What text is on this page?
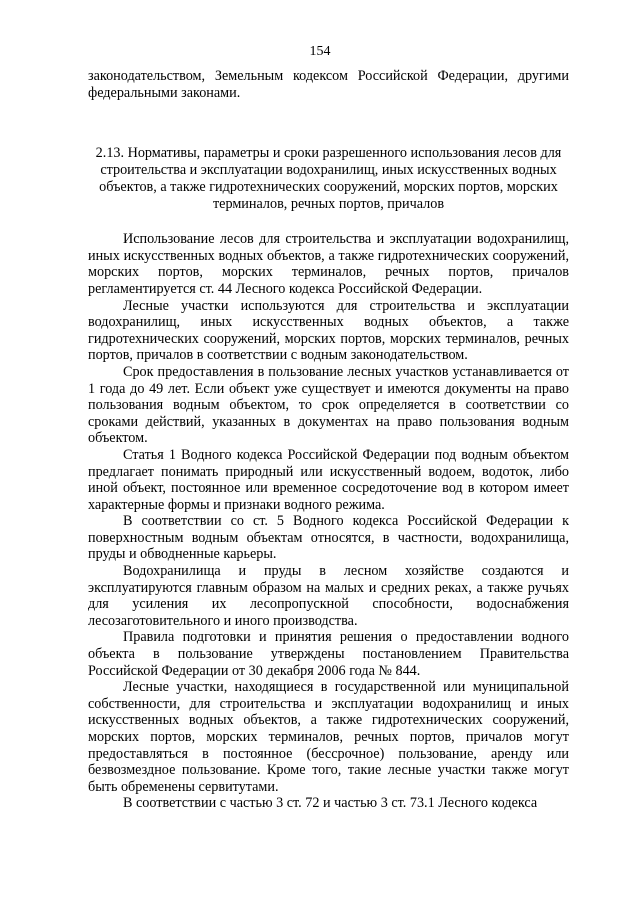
154

законодательством, Земельным кодексом Российской Федерации, другими федеральными законами.

2.13. Нормативы, параметры и сроки разрешенного использования лесов для строительства и эксплуатации водохранилищ, иных искусственных водных объектов, а также гидротехнических сооружений, морских портов, морских терминалов, речных портов, причалов

Использование лесов для строительства и эксплуатации водохранилищ, иных искусственных водных объектов, а также гидротехнических сооружений, морских портов, морских терминалов, речных портов, причалов регламентируется ст. 44 Лесного кодекса Российской Федерации.

Лесные участки используются для строительства и эксплуатации водохранилищ, иных искусственных водных объектов, а также гидротехнических сооружений, морских портов, морских терминалов, речных портов, причалов в соответствии с водным законодательством.

Срок предоставления в пользование лесных участков устанавливается от 1 года до 49 лет. Если объект уже существует и имеются документы на право пользования водным объектом, то срок определяется в соответствии со сроками действий, указанных в документах на право пользования водным объектом.

Статья 1 Водного кодекса Российской Федерации под водным объектом предлагает понимать природный или искусственный водоем, водоток, либо иной объект, постоянное или временное сосредоточение вод в котором имеет характерные формы и признаки водного режима.

В соответствии со ст. 5 Водного кодекса Российской Федерации к поверхностным водным объектам относятся, в частности, водохранилища, пруды и обводненные карьеры.

Водохранилища и пруды в лесном хозяйстве создаются и эксплуатируются главным образом на малых и средних реках, а также ручьях для усиления их лесопропускной способности, водоснабжения лесозаготовительного и иного производства.

Правила подготовки и принятия решения о предоставлении водного объекта в пользование утверждены постановлением Правительства Российской Федерации от 30 декабря 2006 года № 844.

Лесные участки, находящиеся в государственной или муниципальной собственности, для строительства и эксплуатации водохранилищ и иных искусственных водных объектов, а также гидротехнических сооружений, морских портов, морских терминалов, речных портов, причалов могут предоставляться в постоянное (бессрочное) пользование, аренду или безвозмездное пользование. Кроме того, такие лесные участки также могут быть обременены сервитутами.

В соответствии с частью 3 ст. 72 и частью 3 ст. 73.1 Лесного кодекса
